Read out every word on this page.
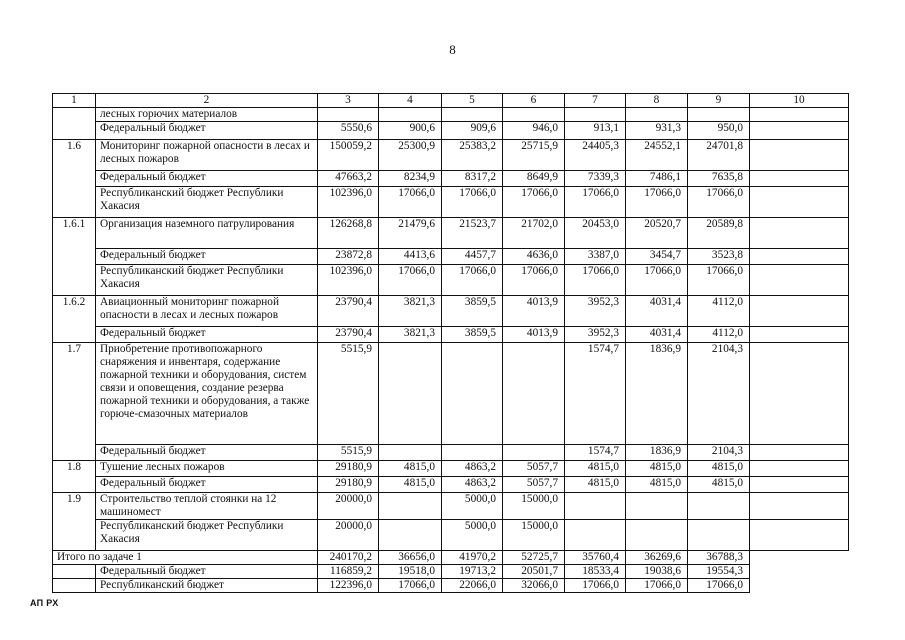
8
1	2	3	4	5	6	7	8	9	10
	лесных горючих материалов								
	Федеральный бюджет	5550,6	900,6	909,6	946,0	913,1	931,3	950,0	
1.6	Мониторинг пожарной опасности в лесах и лесных пожаров	150059,2	25300,9	25383,2	25715,9	24405,3	24552,1	24701,8	
	Федеральный бюджет	47663,2	8234,9	8317,2	8649,9	7339,3	7486,1	7635,8	
	Республиканский бюджет Республики Хакасия	102396,0	17066,0	17066,0	17066,0	17066,0	17066,0	17066,0	
1.6.1	Организация наземного патрулирования	126268,8	21479,6	21523,7	21702,0	20453,0	20520,7	20589,8	
	Федеральный бюджет	23872,8	4413,6	4457,7	4636,0	3387,0	3454,7	3523,8	
	Республиканский бюджет Республики Хакасия	102396,0	17066,0	17066,0	17066,0	17066,0	17066,0	17066,0	
1.6.2	Авиационный мониторинг пожарной опасности в лесах и лесных пожаров	23790,4	3821,3	3859,5	4013,9	3952,3	4031,4	4112,0	
	Федеральный бюджет	23790,4	3821,3	3859,5	4013,9	3952,3	4031,4	4112,0	
1.7	Приобретение противопожарного снаряжения и инвентаря, содержание пожарной техники и оборудования, систем связи и оповещения, создание резерва пожарной техники и оборудования, а также горюче-смазочных материалов	5515,9				1574,7	1836,9	2104,3	
	Федеральный бюджет	5515,9				1574,7	1836,9	2104,3	
1.8	Тушение лесных пожаров	29180,9	4815,0	4863,2	5057,7	4815,0	4815,0	4815,0	
	Федеральный бюджет	29180,9	4815,0	4863,2	5057,7	4815,0	4815,0	4815,0	
1.9	Строительство теплой стоянки на 12 машиномест	20000,0		5000,0	15000,0				
	Республиканский бюджет Республики Хакасия	20000,0		5000,0	15000,0				
Итого по задаче 1		240170,2	36656,0	41970,2	52725,7	35760,4	36269,6	36788,3	
	Федеральный бюджет	116859,2	19518,0	19713,2	20501,7	18533,4	19038,6	19554,3	
	Республиканский бюджет	122396,0	17066,0	22066,0	32066,0	17066,0	17066,0	17066,0	
АП РХ
